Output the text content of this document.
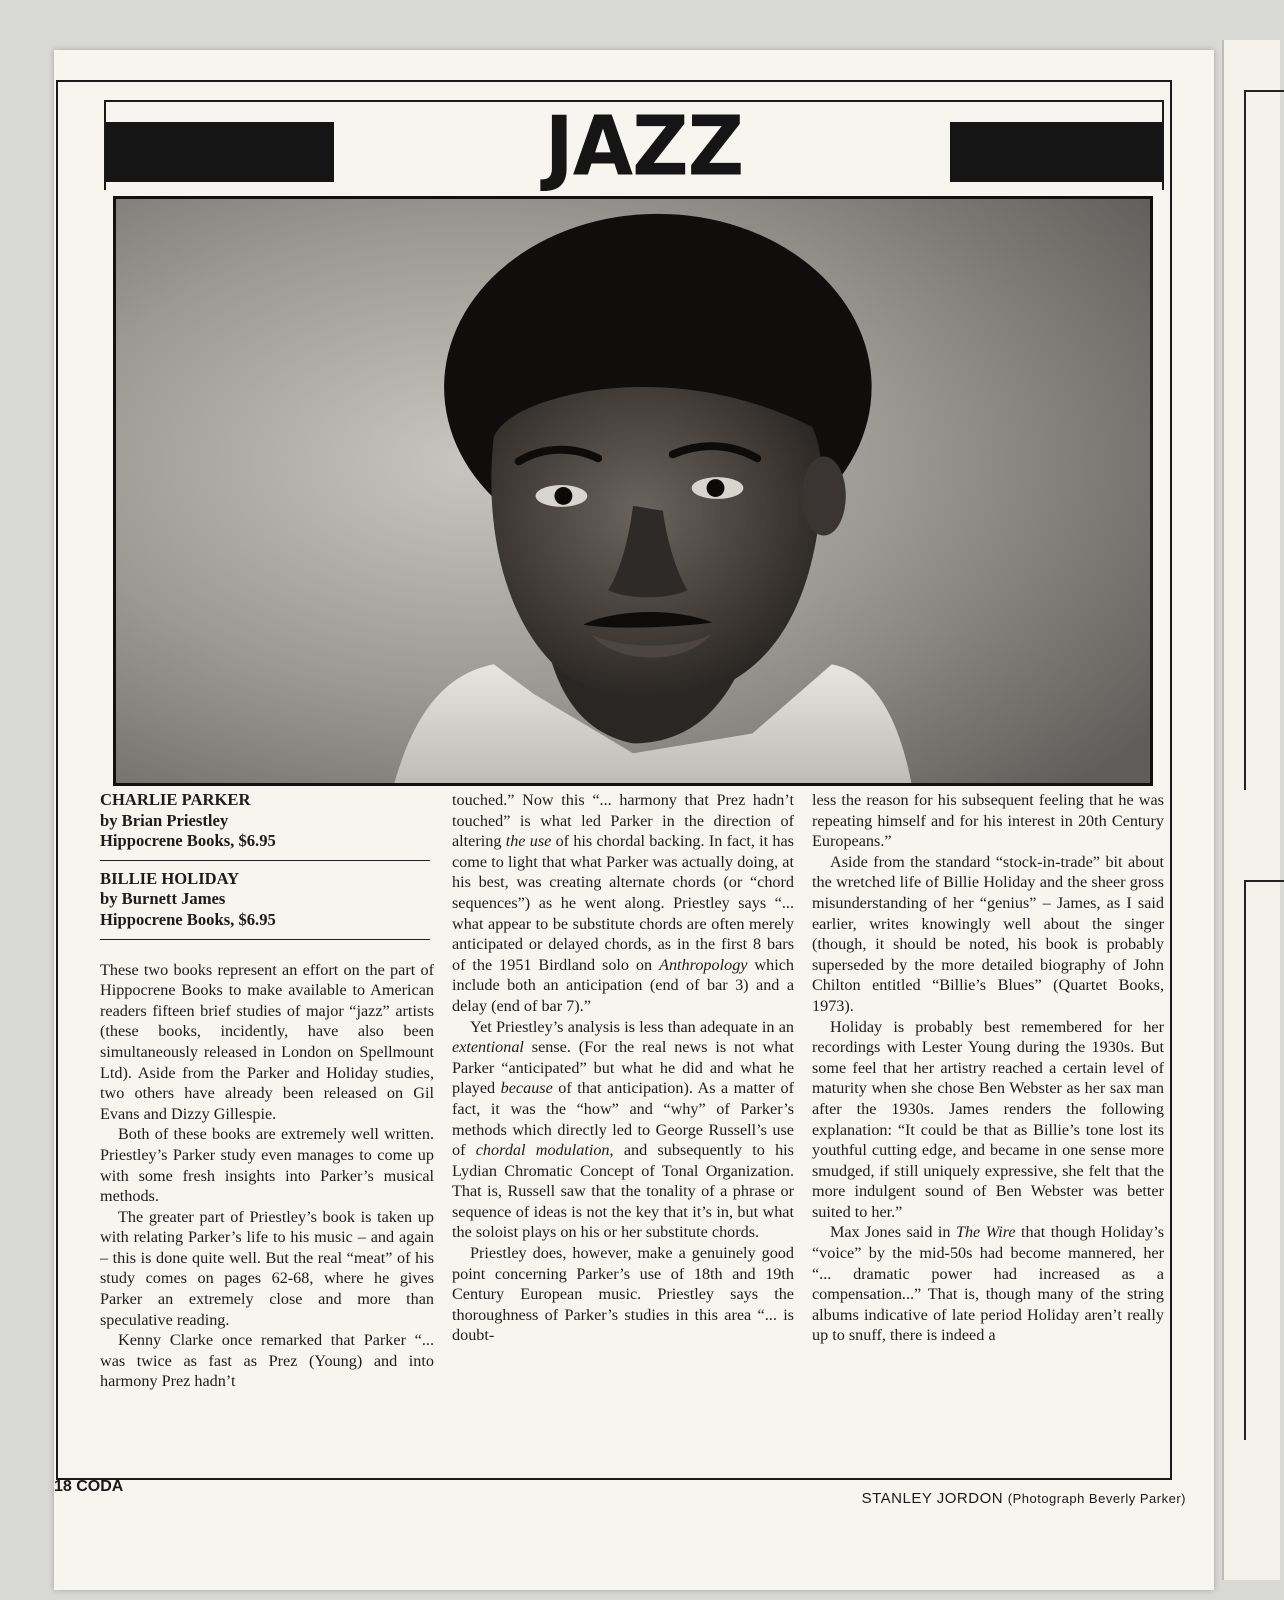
JAZZ
CHARLIE PARKER
by Brian Priestley
Hippocrene Books, $6.95
BILLIE HOLIDAY
by Burnett James
Hippocrene Books, $6.95

These two books represent an effort on the part of Hippocrene Books to make available to American readers fifteen brief studies of major “jazz” artists (these books, incidently, have also been simultaneously released in London on Spellmount Ltd). Aside from the Parker and Holiday studies, two others have already been released on Gil Evans and Dizzy Gillespie.

Both of these books are extremely well written. Priestley’s Parker study even manages to come up with some fresh insights into Parker’s musical methods.

The greater part of Priestley’s book is taken up with relating Parker’s life to his music – and again – this is done quite well. But the real “meat” of his study comes on pages 62-68, where he gives Parker an extremely close and more than speculative reading.

Kenny Clarke once remarked that Parker “... was twice as fast as Prez (Young) and into harmony Prez hadn’t

touched.” Now this “... harmony that Prez hadn’t touched” is what led Parker in the direction of altering the use of his chordal backing. In fact, it has come to light that what Parker was actually doing, at his best, was creating alternate chords (or “chord sequences”) as he went along. Priestley says “... what appear to be substitute chords are often merely anticipated or delayed chords, as in the first 8 bars of the 1951 Birdland solo on Anthropology which include both an anticipation (end of bar 3) and a delay (end of bar 7).”

Yet Priestley’s analysis is less than adequate in an extentional sense. (For the real news is not what Parker “anticipated” but what he did and what he played because of that anticipation). As a matter of fact, it was the “how” and “why” of Parker’s methods which directly led to George Russell’s use of chordal modulation, and subsequently to his Lydian Chromatic Concept of Tonal Organization. That is, Russell saw that the tonality of a phrase or sequence of ideas is not the key that it’s in, but what the soloist plays on his or her substitute chords.

Priestley does, however, make a genuinely good point concerning Parker’s use of 18th and 19th Century European music. Priestley says the thoroughness of Parker’s studies in this area “... is doubt-

less the reason for his subsequent feeling that he was repeating himself and for his interest in 20th Century Europeans.”

Aside from the standard “stock-in-trade” bit about the wretched life of Billie Holiday and the sheer gross misunderstanding of her “genius” – James, as I said earlier, writes knowingly well about the singer (though, it should be noted, his book is probably superseded by the more detailed biography of John Chilton entitled “Billie’s Blues” (Quartet Books, 1973).

Holiday is probably best remembered for her recordings with Lester Young during the 1930s. But some feel that her artistry reached a certain level of maturity when she chose Ben Webster as her sax man after the 1930s. James renders the following explanation: “It could be that as Billie’s tone lost its youthful cutting edge, and became in one sense more smudged, if still uniquely expressive, she felt that the more indulgent sound of Ben Webster was better suited to her.”

Max Jones said in The Wire that though Holiday’s “voice” by the mid-50s had become mannered, her “... dramatic power had increased as a compensation...” That is, though many of the string albums indicative of late period Holiday aren’t really up to snuff, there is indeed a

18 CODA
STANLEY JORDON (Photograph Beverly Parker)
